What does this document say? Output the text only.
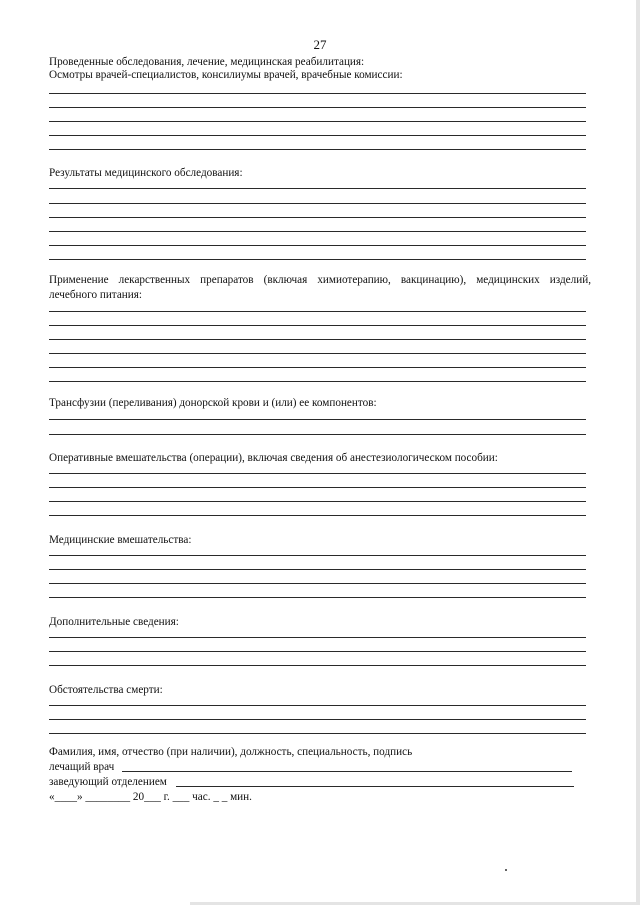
27
Проведенные обследования, лечение, медицинская реабилитация:
Осмотры врачей-специалистов, консилиумы врачей, врачебные комиссии:
Результаты медицинского обследования:
Применение лекарственных препаратов (включая химиотерапию, вакцинацию), медицинских изделий, лечебного питания:
Трансфузии (переливания) донорской крови и (или) ее компонентов:
Оперативные вмешательства (операции), включая сведения об анестезиологическом пособии:
Медицинские вмешательства:
Дополнительные сведения:
Обстоятельства смерти:
Фамилия, имя, отчество (при наличии), должность, специальность, подпись
лечащий врач
заведующий отделением
«____» ________ 20___ г. ___ час. _ _ мин.
